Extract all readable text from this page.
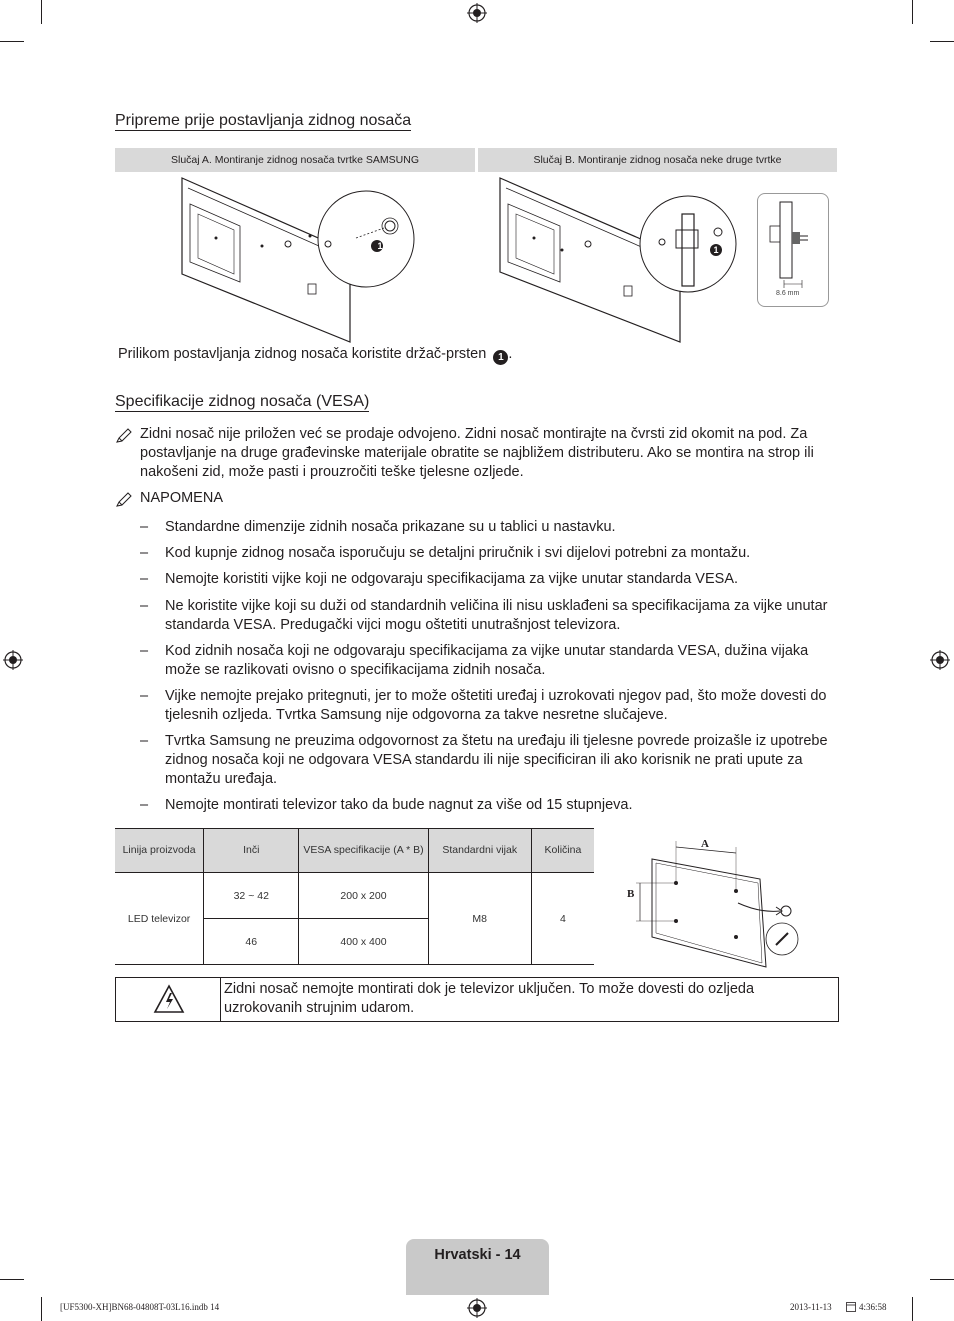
Pripreme prije postavljanja zidnog nosača
Slučaj A. Montiranje zidnog nosača tvrtke SAMSUNG	Slučaj B. Montiranje zidnog nosača neke druge tvrtke
1	1
8.6 mm
Prilikom postavljanja zidnog nosača koristite držač-prsten 1 .
Specifikacije zidnog nosača (VESA)
Zidni nosač nije priložen već se prodaje odvojeno. Zidni nosač montirajte na čvrsti zid okomit na pod. Za postavljanje na druge građevinske materijale obratite se najbližem distributeru. Ako se montira na strop ili nakošeni zid, može pasti i prouzročiti teške tjelesne ozljede.
NAPOMENA
– Standardne dimenzije zidnih nosača prikazane su u tablici u nastavku.
– Kod kupnje zidnog nosača isporučuju se detaljni priručnik i svi dijelovi potrebni za montažu.
– Nemojte koristiti vijke koji ne odgovaraju specifikacijama za vijke unutar standarda VESA.
– Ne koristite vijke koji su duži od standardnih veličina ili nisu usklađeni sa specifikacijama za vijke unutar standarda VESA. Predugački vijci mogu oštetiti unutrašnjost televizora.
– Kod zidnih nosača koji ne odgovaraju specifikacijama za vijke unutar standarda VESA, dužina vijaka može se razlikovati ovisno o specifikacijama zidnih nosača.
– Vijke nemojte prejako pritegnuti, jer to može oštetiti uređaj i uzrokovati njegov pad, što može dovesti do tjelesnih ozljeda. Tvrtka Samsung nije odgovorna za takve nesretne slučajeve.
– Tvrtka Samsung ne preuzima odgovornost za štetu na uređaju ili tjelesne povrede proizašle iz upotrebe zidnog nosača koji ne odgovara VESA standardu ili nije specificiran ili ako korisnik ne prati upute za montažu uređaja.
– Nemojte montirati televizor tako da bude nagnut za više od 15 stupnjeva.
Linija proizvoda	Inči	VESA specifikacije (A * B)	Standardni vijak	Količina
LED televizor	32 ~ 42	200 x 200	M8	4
	46	400 x 400		
A
B
Zidni nosač nemojte montirati dok je televizor uključen. To može dovesti do ozljeda uzrokovanih strujnim udarom.
Hrvatski - 14
[UF5300-XH]BN68-04808T-03L16.indb 14	2013-11-13	4:36:58
